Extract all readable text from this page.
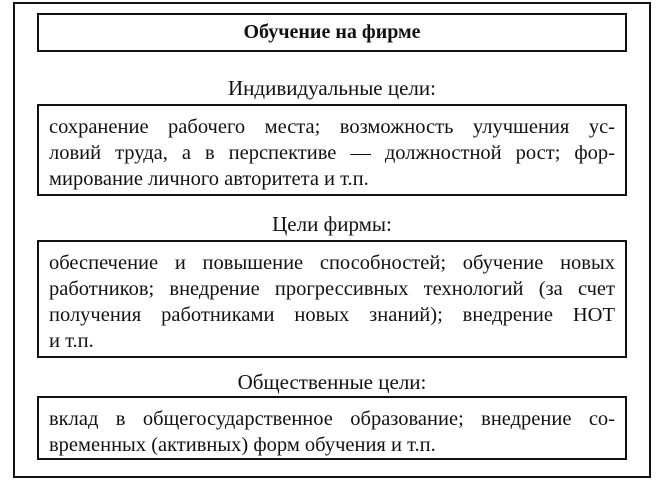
Обучение на фирме
Индивидуальные цели:
сохранение рабочего места; возможность улучшения ус-
ловий труда, а в перспективе — должностной рост; фор-
мирование личного авторитета и т.п.
Цели фирмы:
обеспечение и повышение способностей; обучение новых
работников; внедрение прогрессивных технологий (за счет
получения работниками новых знаний); внедрение НОТ
и т.п.
Общественные цели:
вклад в общегосударственное образование; внедрение со-
временных (активных) форм обучения и т.п.
